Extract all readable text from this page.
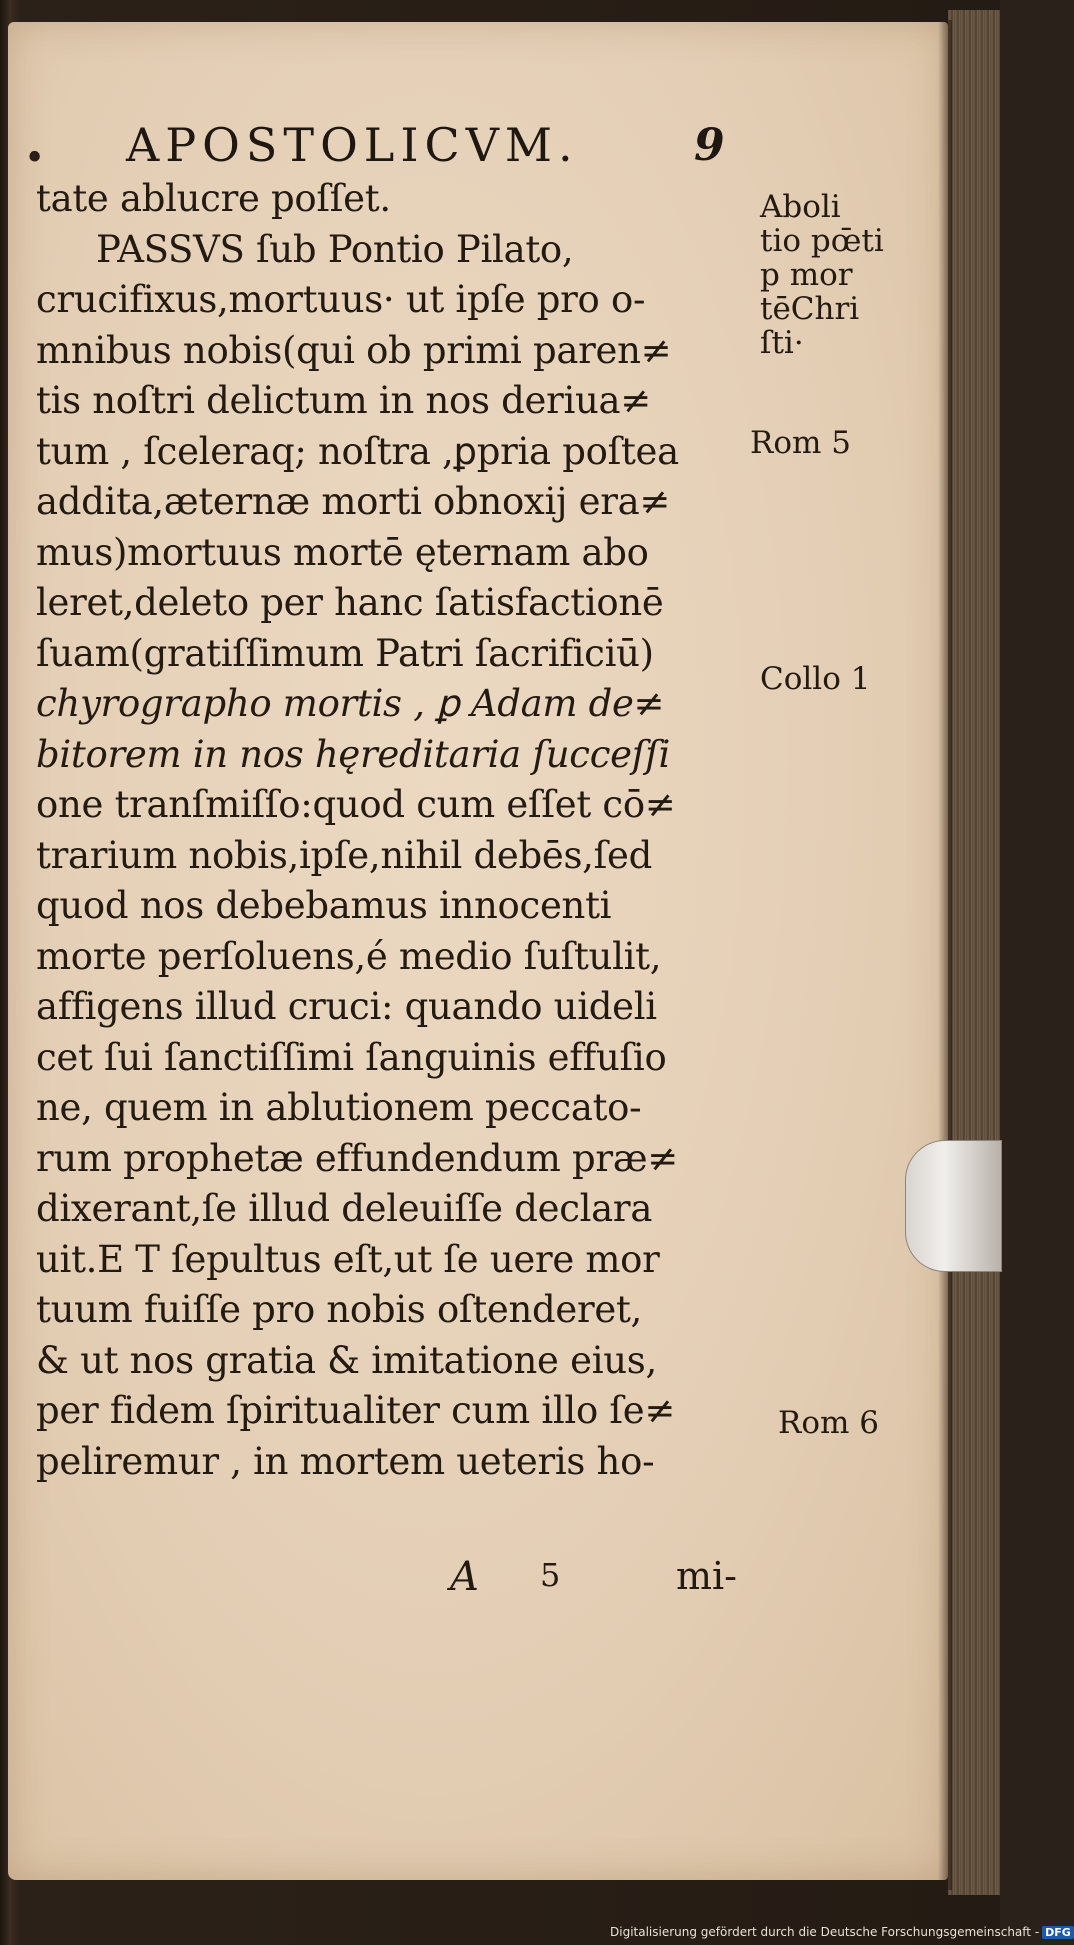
• APOSTOLICVM.	9
tate ablucre poſſet.
PASSVS ſub Pontio Pilato,
crucifixus,mortuus· ut ipſe pro o-
mnibus nobis(qui ob primi paren≠
tis noſtri delictum in nos deriua≠
tum , ſceleraq; noſtra ,ꝑpria poſtea
addita,æternæ morti obnoxij era≠
mus)mortuus mortē ęternam abo
leret,deleto per hanc ſatisfactionē
ſuam(gratiſſimum Patri ſacrificiū)
chyrographo mortis , ꝑ Adam de≠
bitorem in nos hęreditaria ſucceſſi
one tranſmiſſo:quod cum eſſet cō≠
trarium nobis,ipſe,nihil debēs,ſed
quod nos debebamus innocenti
morte perſoluens,é medio ſuſtulit,
affigens illud cruci: quando uideli
cet ſui ſanctiſſimi ſanguinis effuſio
ne, quem in ablutionem peccato-
rum prophetæ effundendum præ≠
dixerant,ſe illud deleuiſſe declara
uit.E T ſepultus eſt,ut ſe uere mor
tuum fuiſſe pro nobis oſtenderet,
& ut nos gratia & imitatione eius,
per fidem ſpiritualiter cum illo ſe≠
peliremur , in mortem ueteris ho-
Aboli
tio pœ̄ti
p mor
tēChri
ſti·
Rom 5
Collo 1
Rom 6
A 5	mi-
Digitalisierung gefördert durch die Deutsche Forschungsgemeinschaft - DFG
